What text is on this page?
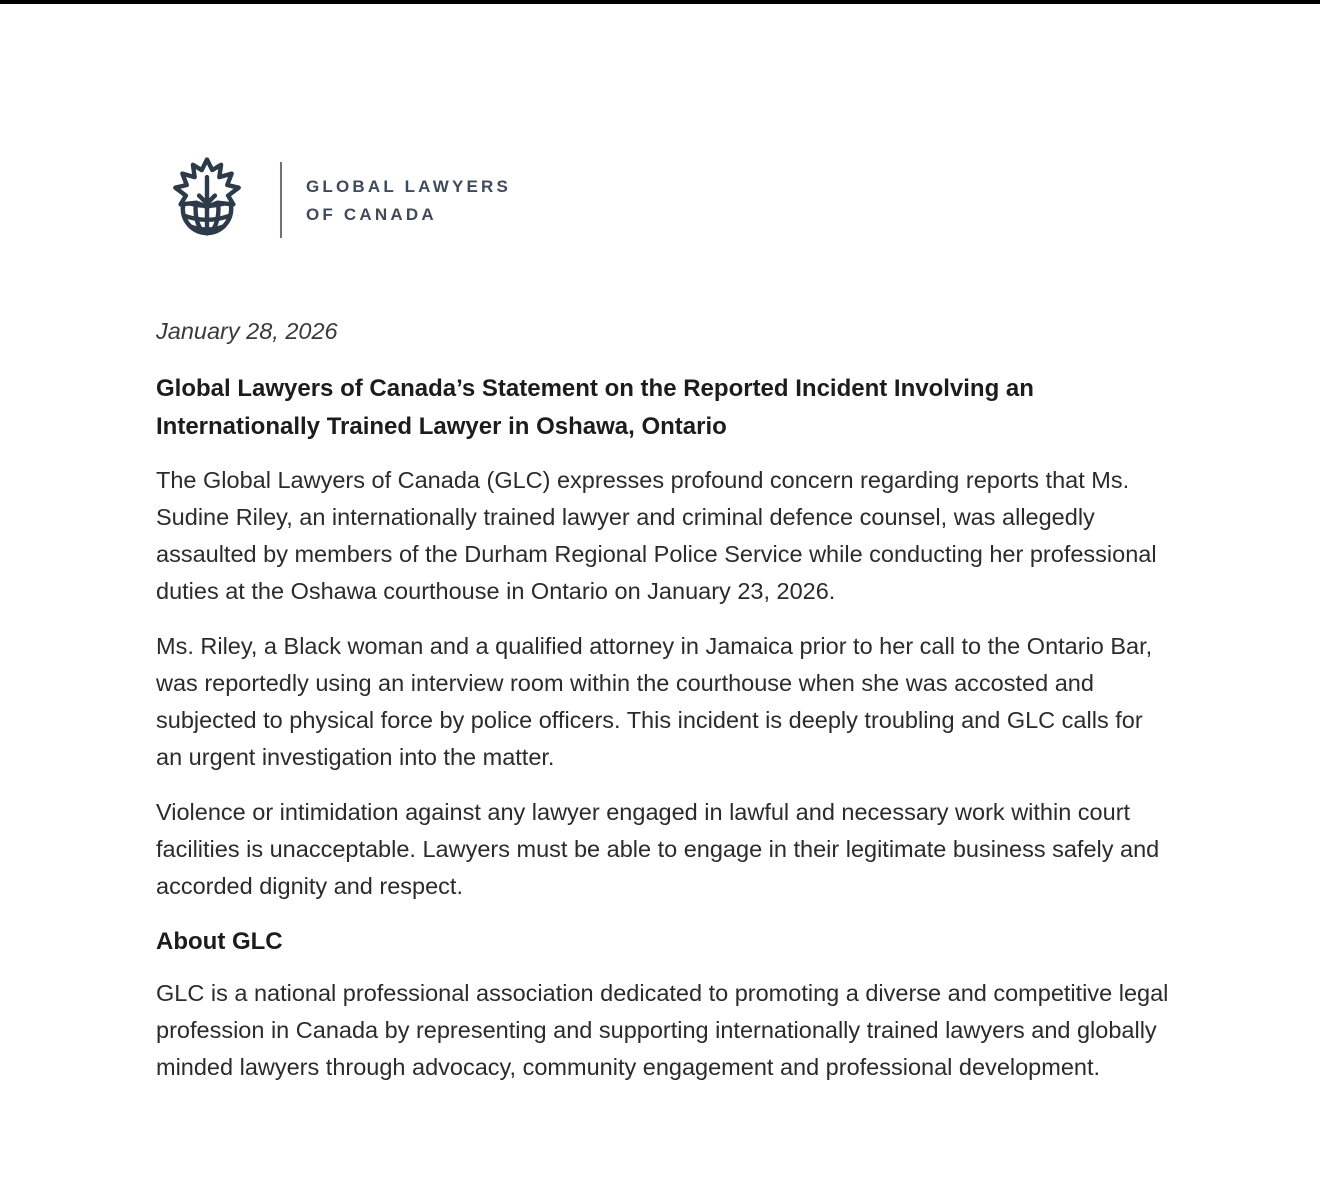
GLOBAL LAWYERS
OF CANADA

January 28, 2026

Global Lawyers of Canada’s Statement on the Reported Incident Involving an Internationally Trained Lawyer in Oshawa, Ontario

The Global Lawyers of Canada (GLC) expresses profound concern regarding reports that Ms. Sudine Riley, an internationally trained lawyer and criminal defence counsel, was allegedly assaulted by members of the Durham Regional Police Service while conducting her professional duties at the Oshawa courthouse in Ontario on January 23, 2026.

Ms. Riley, a Black woman and a qualified attorney in Jamaica prior to her call to the Ontario Bar, was reportedly using an interview room within the courthouse when she was accosted and subjected to physical force by police officers. This incident is deeply troubling and GLC calls for an urgent investigation into the matter.

Violence or intimidation against any lawyer engaged in lawful and necessary work within court facilities is unacceptable. Lawyers must be able to engage in their legitimate business safely and accorded dignity and respect.

About GLC

GLC is a national professional association dedicated to promoting a diverse and competitive legal profession in Canada by representing and supporting internationally trained lawyers and globally minded lawyers through advocacy, community engagement and professional development.
